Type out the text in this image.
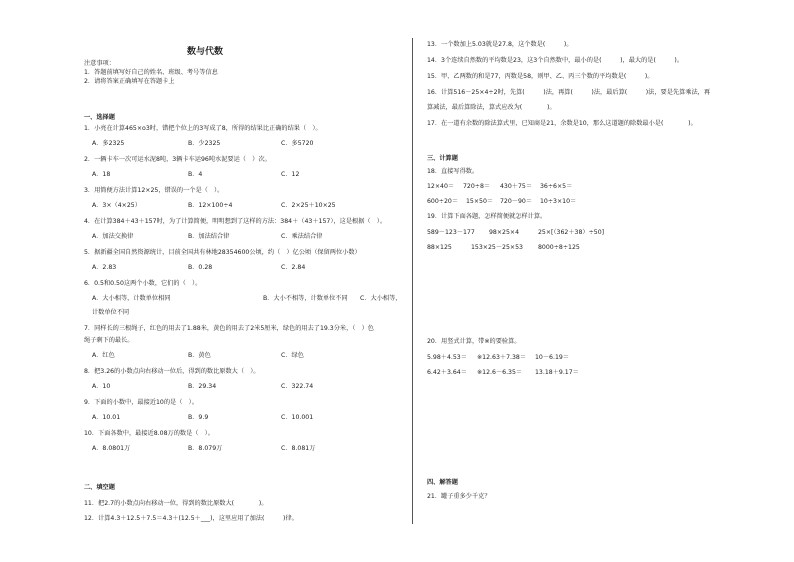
数与代数
注意事项：
1．答题前填写好自己的姓名、班级、考号等信息
2．请将答案正确填写在答题卡上
一、选择题
1．小亮在计算465×o3时，错把个位上的3写成了8，所得的结果比正确的结果（　）。
A．多2325	B．少2325	C．多5720
2．一辆卡车一次可运水泥8吨，3辆卡车运96吨水泥要运（　）次。
A．18	B．4	C．12
3．用简便方法计算12×25，错误的一个是（　）。
A．3×（4×25）	B．12×100÷4	C．2×25＋10×25
4．在计算384＋43＋157时，为了计算简便，明明想到了这样的方法：384＋（43＋157），这是根据（　）。
A．加法交换律	B．加法结合律	C．乘法结合律
5．据新疆全国自然资源统计，目前全国共有林地28354600公顷，约（　）亿公顷（保留两位小数）
A．2.83	B．0.28	C．2.84
6．0.5和0.50这两个小数，它们的（　）。
A．大小相等，计数单位相同	B．大小不相等，计数单位不同 C．大小相等，
计数单位不同
7．同样长的三根绳子，红色的用去了1.88米，黄色的用去了2米5厘米，绿色的用去了19.3分米，（　）色
绳子剩下的最长。
A．红色	B．黄色	C．绿色
8．把3.26的小数点向右移动一位后，得到的数比原数大（　）。
A．10	B．29.34	C．322.74
9．下面的小数中，最接近10的是（　）。
A．10.01	B．9.9	C．10.001
10．下面各数中，最接近8.08万的数是（　）。
A．8.0801万	B．8.079万	C．8.081万
二、填空题
11．把2.7的小数点向右移动一位，得到的数比原数大(　　　　)。
12．计算4.3＋12.5＋7.5＝4.3＋(12.5＋___)，这里应用了加法(　　　)律。
13．一个数加上5.03就是27.8，这个数是(　　　)。
14．3个连续自然数的平均数是23，这3个自然数中，最小的是(　　　)，最大的是(　　　)。
15．甲、乙两数的和是77，丙数是58，则甲、乙、丙三个数的平均数是(　　　)。
16．计算516－25×4÷2时，先算(　　　)法，再算(　　　)法，最后算(　　　)法，要是先算乘法，再
算减法，最后算除法，算式应改为(　　　　)。
17．在一道有余数的除法算式里，已知商是21，余数是10，那么这道题的除数最小是(　　　　)。
三、计算题
18．直接写得数。
12×40＝ 720÷8＝ 430＋75＝ 36÷6×5＝
600÷20＝ 15×50＝ 720－90＝ 10÷3×10＝
19．计算下面各题，怎样简便就怎样计算。
589－123－177 98×25×4	25×[（362＋38）÷50]
88×125	153×25－25×53 8000÷8÷125
20．用竖式计算，带※的要验算。
5.98＋4.53＝ ※12.63＋7.38＝ 10－6.19＝
6.42＋3.64＝ ※12.6－6.35＝ 13.18＋9.17＝
四、解答题
21．罐子重多少千克？
